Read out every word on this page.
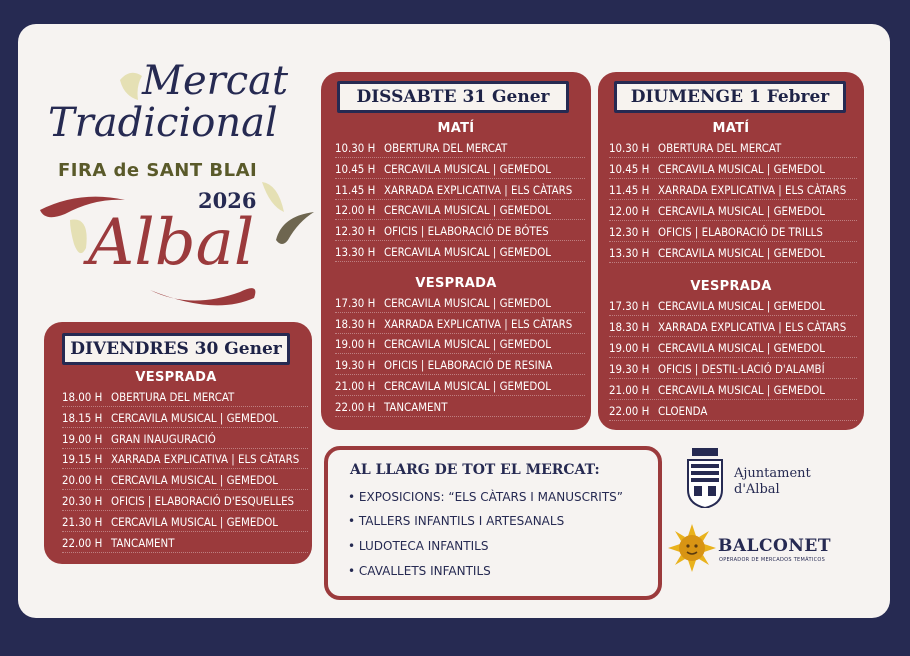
Mercat
Tradicional
FIRA de SANT BLAI
2026
Albal
DIVENDRES 30 Gener
DISSABTE 31 Gener	DIUMENGE 1 Febrer
VESPRADA
18.00 H OBERTURA DEL MERCAT
18.15 H CERCAVILA MUSICAL | GEMEDOL
19.00 H GRAN INAUGURACIÓ
19.15 H XARRADA EXPLICATIVA | ELS CÀTARS
20.00 H CERCAVILA MUSICAL | GEMEDOL
20.30 H OFICIS | ELABORACIÓ D'ESQUELLES
21.30 H CERCAVILA MUSICAL | GEMEDOL
22.00 H TANCAMENT
MATÍ
10.30 H OBERTURA DEL MERCAT
10.45 H CERCAVILA MUSICAL | GEMEDOL
11.45 H XARRADA EXPLICATIVA | ELS CÀTARS
12.00 H CERCAVILA MUSICAL | GEMEDOL
12.30 H OFICIS | ELABORACIÓ DE BÓTES
13.30 H CERCAVILA MUSICAL | GEMEDOL
VESPRADA
17.30 H CERCAVILA MUSICAL | GEMEDOL
18.30 H XARRADA EXPLICATIVA | ELS CÀTARS
19.00 H CERCAVILA MUSICAL | GEMEDOL
19.30 H OFICIS | ELABORACIÓ DE RESINA
21.00 H CERCAVILA MUSICAL | GEMEDOL
22.00 H TANCAMENT
MATÍ
10.30 H OBERTURA DEL MERCAT
10.45 H CERCAVILA MUSICAL | GEMEDOL
11.45 H XARRADA EXPLICATIVA | ELS CÀTARS
12.00 H CERCAVILA MUSICAL | GEMEDOL
12.30 H OFICIS | ELABORACIÓ DE TRILLS
13.30 H CERCAVILA MUSICAL | GEMEDOL
VESPRADA
17.30 H CERCAVILA MUSICAL | GEMEDOL
18.30 H XARRADA EXPLICATIVA | ELS CÀTARS
19.00 H CERCAVILA MUSICAL | GEMEDOL
19.30 H OFICIS | DESTIL·LACIÓ D'ALAMBÍ
21.00 H CERCAVILA MUSICAL | GEMEDOL
22.00 H CLOENDA
AL LLARG DE TOT EL MERCAT:
• EXPOSICIONS: “ELS CÀTARS I MANUSCRITS”
• TALLERS INFANTILS I ARTESANALS
• LUDOTECA INFANTILS
• CAVALLETS INFANTILS
Ajuntament
d'Albal
BALCONET
OPERADOR DE MERCADOS TEMÁTICOS
